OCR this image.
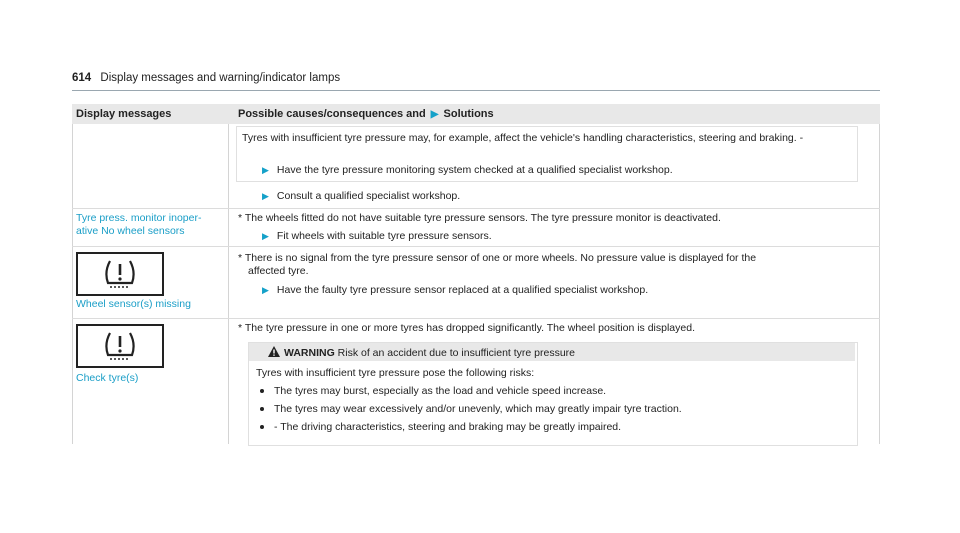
614 Display messages and warning/indicator lamps
Display messages	Possible causes/consequences and ▶ Solutions
Tyres with insufficient tyre pressure may, for example, affect the vehicle's handling characteristics, steering and braking. -
▶ Have the tyre pressure monitoring system checked at a qualified specialist workshop.
▶ Consult a qualified specialist workshop.
Tyre press. monitor inoper-
ative No wheel sensors
* The wheels fitted do not have suitable tyre pressure sensors. The tyre pressure monitor is deactivated.
▶ Fit wheels with suitable tyre pressure sensors.
Wheel sensor(s) missing
* There is no signal from the tyre pressure sensor of one or more wheels. No pressure value is displayed for the
affected tyre.
▶ Have the faulty tyre pressure sensor replaced at a qualified specialist workshop.
Check tyre(s)
* The tyre pressure in one or more tyres has dropped significantly. The wheel position is displayed.
WARNING Risk of an accident due to insufficient tyre pressure
Tyres with insufficient tyre pressure pose the following risks:
The tyres may burst, especially as the load and vehicle speed increase.
The tyres may wear excessively and/or unevenly, which may greatly impair tyre traction.
- The driving characteristics, steering and braking may be greatly impaired.
